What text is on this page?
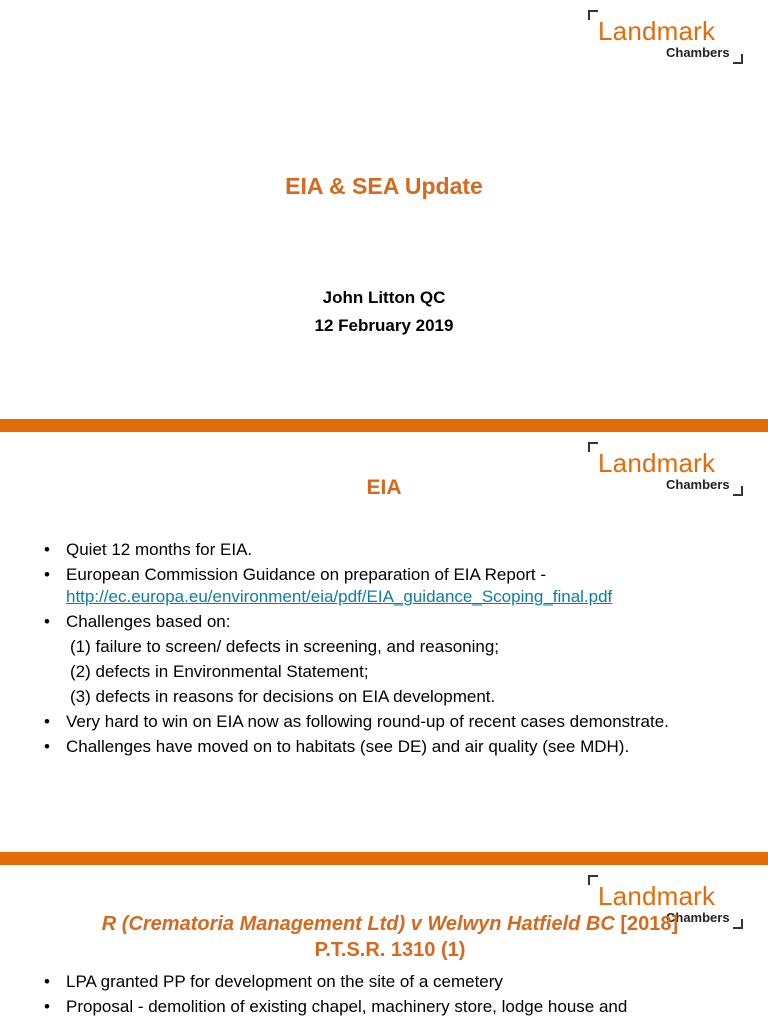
Landmark
Chambers
EIA & SEA Update
John Litton QC
12 February 2019
Landmark
Chambers
EIA
• Quiet 12 months for EIA.
• European Commission Guidance on preparation of EIA Report -
http://ec.europa.eu/environment/eia/pdf/EIA_guidance_Scoping_final.pdf
• Challenges based on:
(1) failure to screen/ defects in screening, and reasoning;
(2) defects in Environmental Statement;
(3) defects in reasons for decisions on EIA development.
• Very hard to win on EIA now as following round-up of recent cases demonstrate.
• Challenges have moved on to habitats (see DE) and air quality (see MDH).
Landmark
Chambers
R (Crematoria Management Ltd) v Welwyn Hatfield BC [2018] P.T.S.R. 1310 (1)
• LPA granted PP for development on the site of a cemetery
• Proposal - demolition of existing chapel, machinery store, lodge house and
